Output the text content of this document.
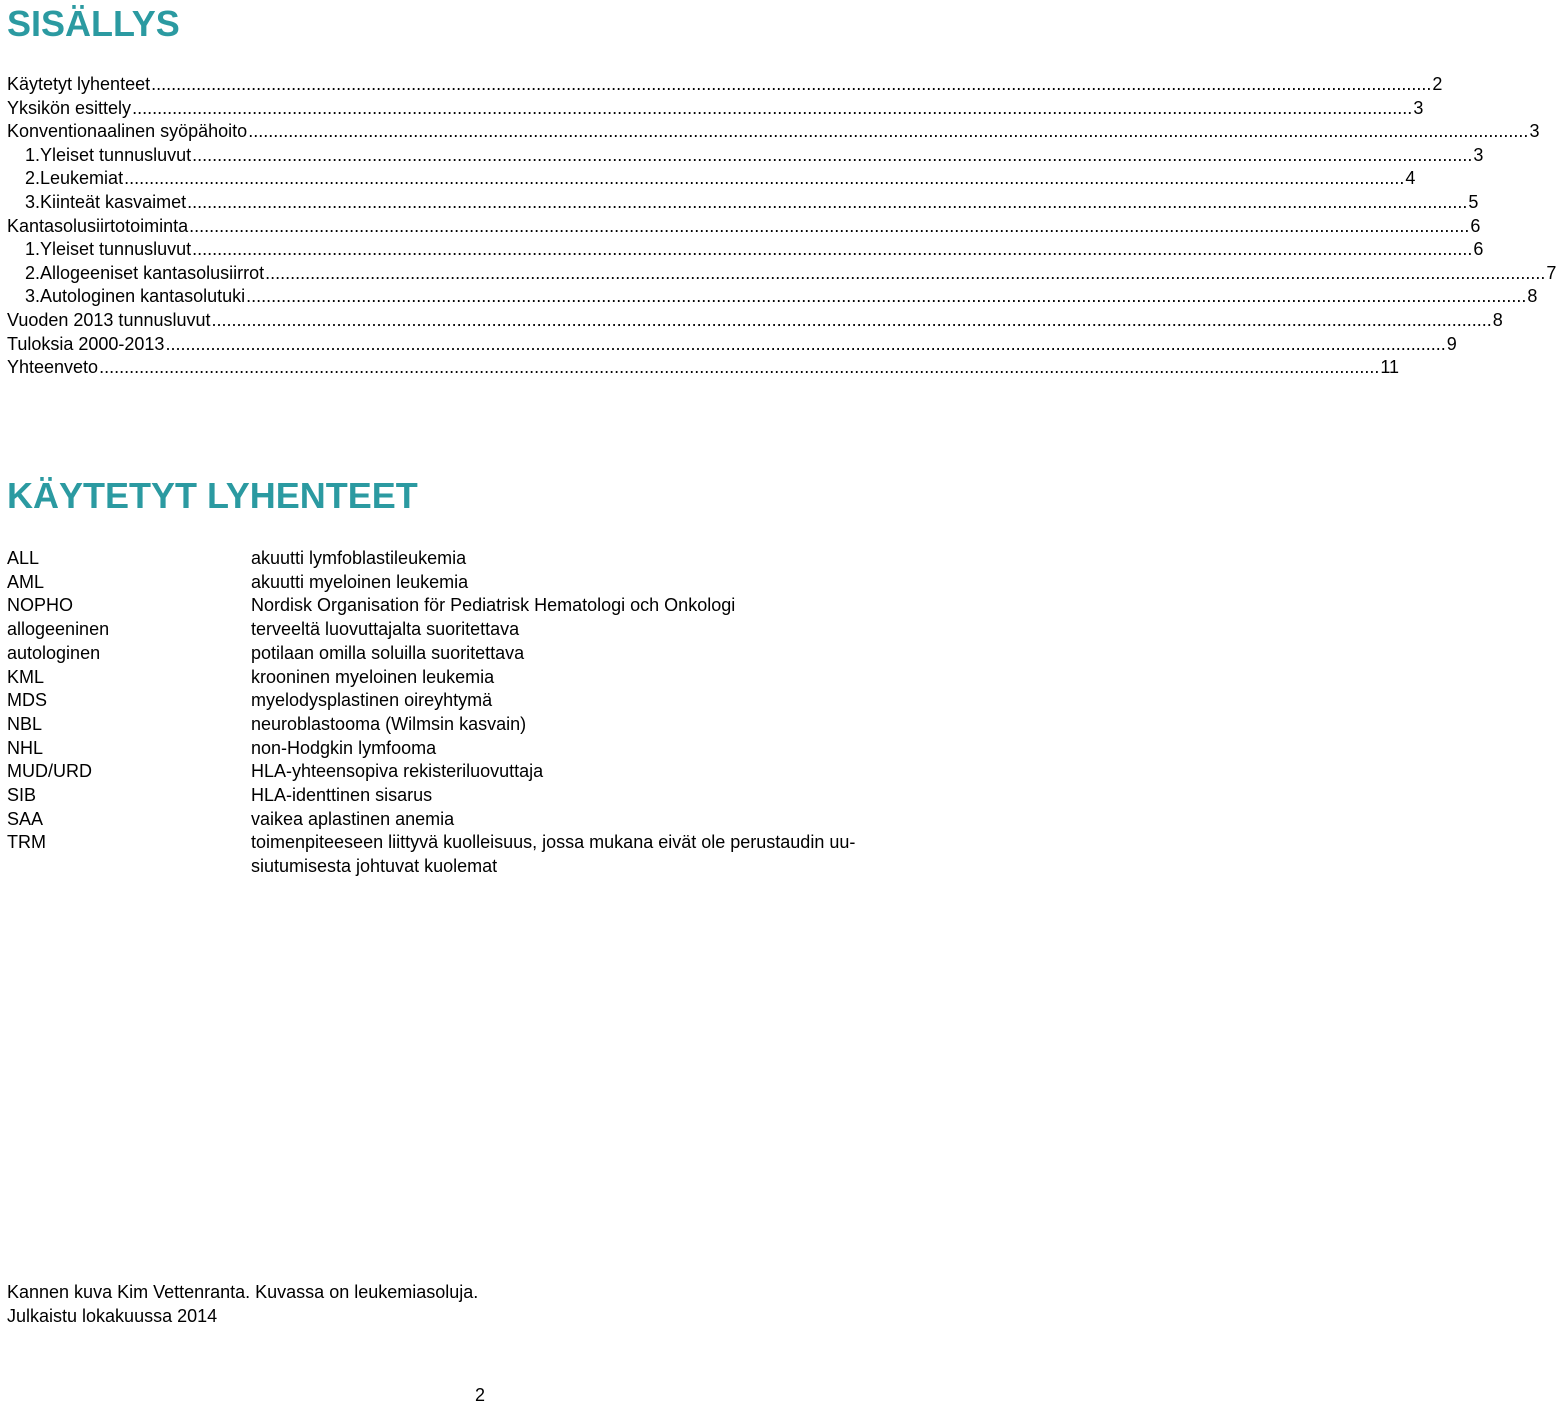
SISÄLLYS
Käytetyt lyhenteet .....	2
Yksikön esittely .....	3
Konventionaalinen syöpähoito .....	3
1. Yleiset tunnusluvut .....	3
2. Leukemiat .....	4
3. Kiinteät kasvaimet .....	5
Kantasolusiirtotoiminta .....	6
1. Yleiset tunnusluvut .....	6
2. Allogeeniset kantasolusiirrot .....	7
3. Autologinen kantasolutuki .....	8
Vuoden 2013 tunnusluvut .....	8
Tuloksia 2000-2013 .....	9
Yhteenveto .....	11
KÄYTETYT LYHENTEET
ALL	akuutti lymfoblastileukemia
AML	akuutti myeloinen leukemia
NOPHO	Nordisk Organisation för Pediatrisk Hematologi och Onkologi
allogeeninen	terveeltä luovuttajalta suoritettava
autologinen	potilaan omilla soluilla suoritettava
KML	krooninen myeloinen leukemia
MDS	myelodysplastinen oireyhtymä
NBL	neuroblastooma (Wilmsin kasvain)
NHL	non-Hodgkin lymfooma
MUD/URD	HLA-yhteensopiva rekisteriluovuttaja
SIB	HLA-identtinen sisarus
SAA	vaikea aplastinen anemia
TRM	toimenpiteeseen liittyvä kuolleisuus, jossa mukana eivät ole perustaudin uu-siutumisesta johtuvat kuolemat
Kannen kuva Kim Vettenranta. Kuvassa on leukemiasoluja.
Julkaistu lokakuussa 2014
2
